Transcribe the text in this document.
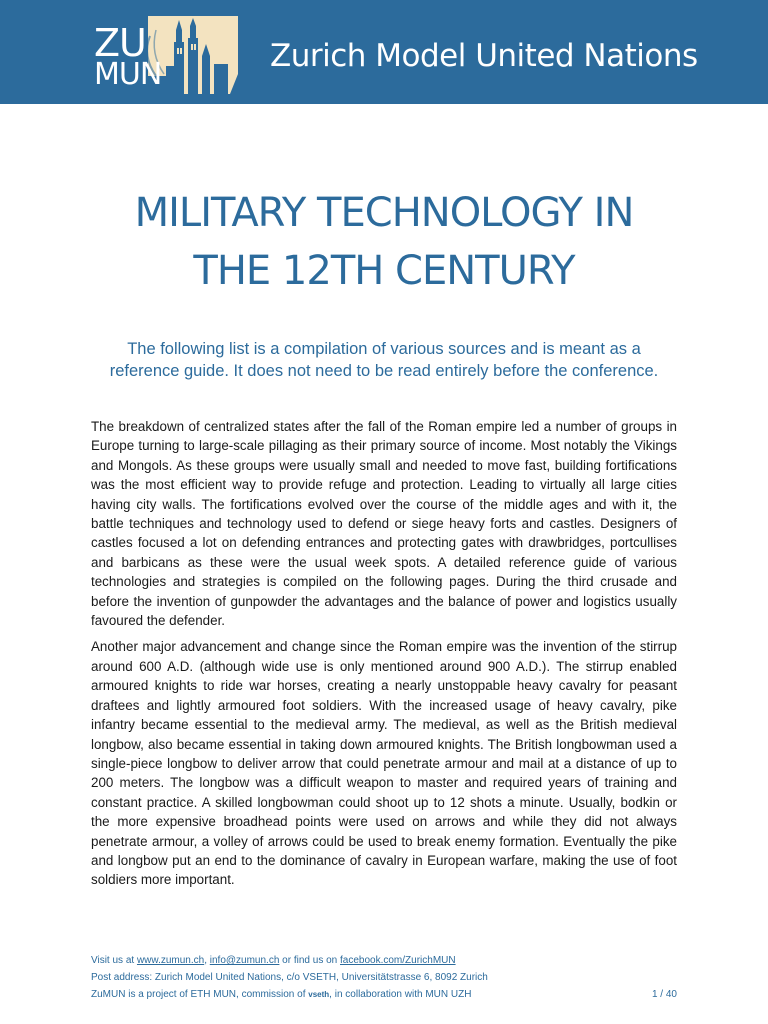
ZU
MUN
Zurich Model United Nations
MILITARY TECHNOLOGY IN
THE 12TH CENTURY

The following list is a compilation of various sources and is meant as a reference guide. It does not need to be read entirely before the conference.

The breakdown of centralized states after the fall of the Roman empire led a number of groups in Europe turning to large-scale pillaging as their primary source of income. Most notably the Vikings and Mongols. As these groups were usually small and needed to move fast, building fortifications was the most efficient way to provide refuge and protection. Leading to virtually all large cities having city walls. The fortifications evolved over the course of the middle ages and with it, the battle techniques and technology used to defend or siege heavy forts and castles. Designers of castles focused a lot on defending entrances and protecting gates with drawbridges, portcullises and barbicans as these were the usual week spots. A detailed reference guide of various technologies and strategies is compiled on the following pages. During the third crusade and before the invention of gunpowder the advantages and the balance of power and logistics usually favoured the defender.

Another major advancement and change since the Roman empire was the invention of the stirrup around 600 A.D. (although wide use is only mentioned around 900 A.D.). The stirrup enabled armoured knights to ride war horses, creating a nearly unstoppable heavy cavalry for peasant draftees and lightly armoured foot soldiers. With the increased usage of heavy cavalry, pike infantry became essential to the medieval army. The medieval, as well as the British medieval longbow, also became essential in taking down armoured knights. The British longbowman used a single-piece longbow to deliver arrow that could penetrate armour and mail at a distance of up to 200 meters. The longbow was a difficult weapon to master and required years of training and constant practice. A skilled longbowman could shoot up to 12 shots a minute. Usually, bodkin or the more expensive broadhead points were used on arrows and while they did not always penetrate armour, a volley of arrows could be used to break enemy formation. Eventually the pike and longbow put an end to the dominance of cavalry in European warfare, making the use of foot soldiers more important.

Visit us at www.zumun.ch, info@zumun.ch or find us on facebook.com/ZurichMUN
Post address: Zurich Model United Nations, c/o VSETH, Universitätstrasse 6, 8092 Zurich
ZuMUN is a project of ETH MUN, commission of vseth, in collaboration with MUN UZH	1 / 40
